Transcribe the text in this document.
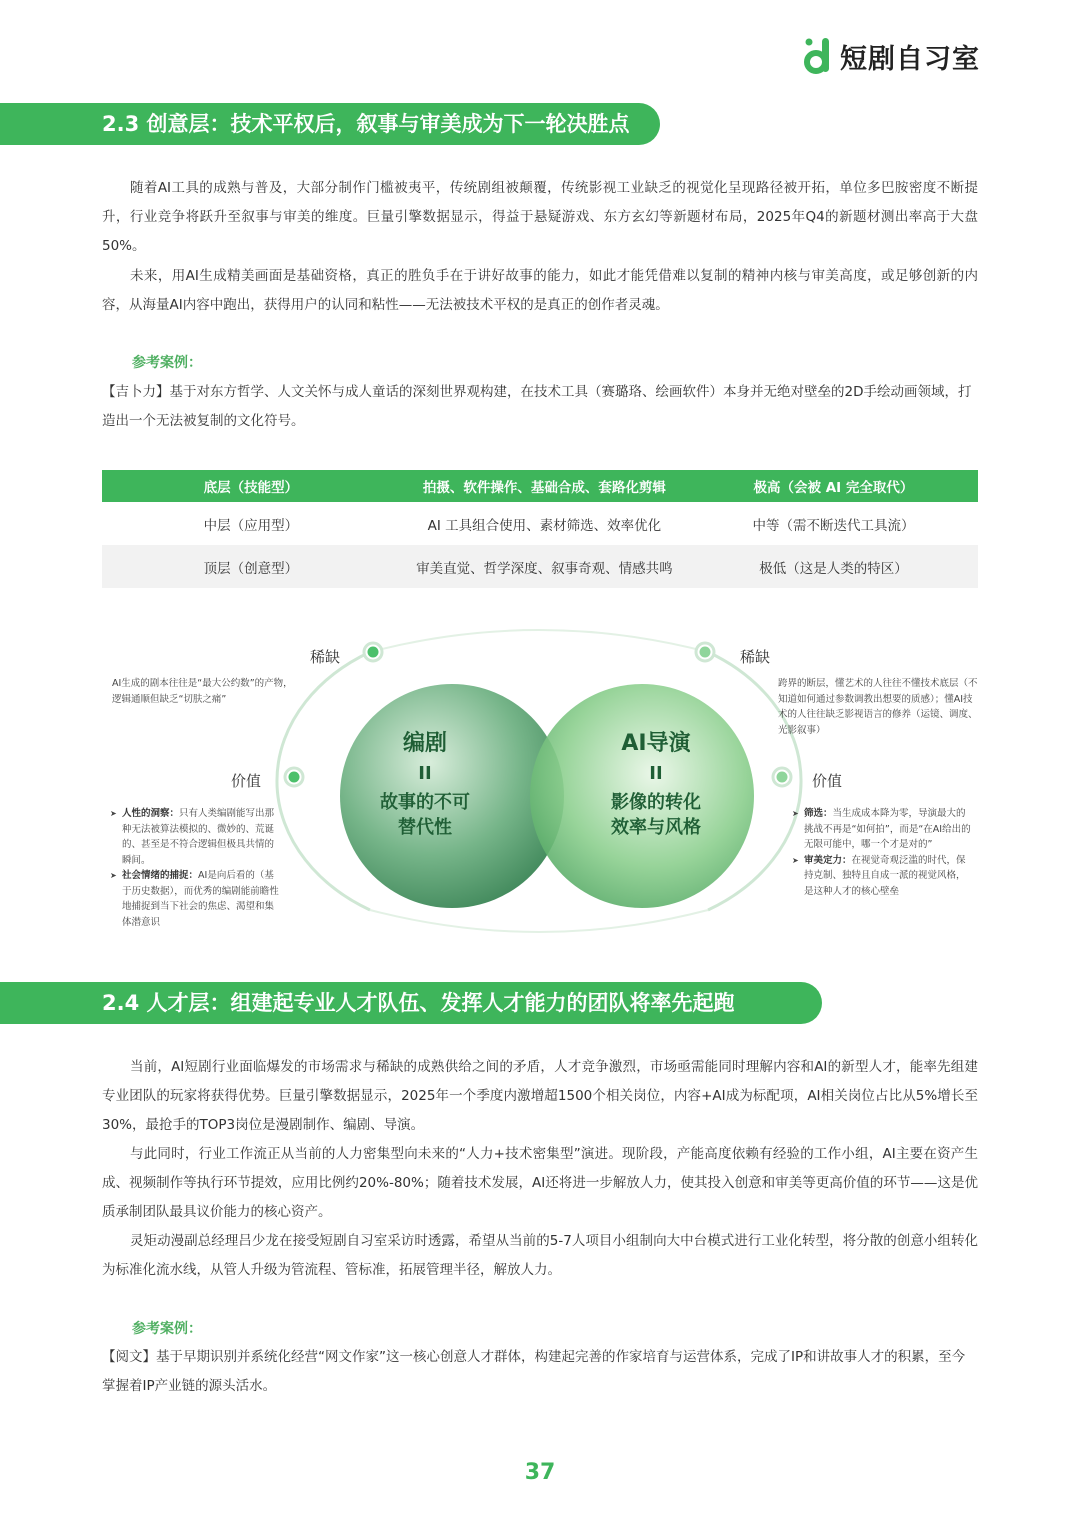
短剧自习室
2.3 创意层：技术平权后，叙事与审美成为下一轮决胜点
随着AI工具的成熟与普及，大部分制作门槛被夷平，传统剧组被颠覆，传统影视工业缺乏的视觉化呈现路径被开拓，单位多巴胺密度不断提升，行业竞争将跃升至叙事与审美的维度。巨量引擎数据显示，得益于悬疑游戏、东方玄幻等新题材布局，2025年Q4的新题材测出率高于大盘50%。
未来，用AI生成精美画面是基础资格，真正的胜负手在于讲好故事的能力，如此才能凭借难以复制的精神内核与审美高度，或足够创新的内容，从海量AI内容中跑出，获得用户的认同和粘性——无法被技术平权的是真正的创作者灵魂。
参考案例：
【吉卜力】基于对东方哲学、人文关怀与成人童话的深刻世界观构建，在技术工具（赛璐珞、绘画软件）本身并无绝对壁垒的2D手绘动画领域，打造出一个无法被复制的文化符号。
底层（技能型）	拍摄、软件操作、基础合成、套路化剪辑	极高（会被 AI 完全取代）
中层（应用型）	AI 工具组合使用、素材筛选、效率优化	中等（需不断迭代工具流）
顶层（创意型）	审美直觉、哲学深度、叙事奇观、情感共鸣	极低（这是人类的特区）
编剧
II
故事的不可替代性
AI导演
II
影像的转化效率与风格
稀缺
AI生成的剧本往往是“最大公约数”的产物，逻辑通顺但缺乏“切肤之痛”
价值
➤ 人性的洞察：只有人类编剧能写出那种无法被算法模拟的、微妙的、荒诞的、甚至是不符合逻辑但极具共情的瞬间。
➤ 社会情绪的捕捉：AI是向后看的（基于历史数据），而优秀的编剧能前瞻性地捕捉到当下社会的焦虑、渴望和集体潜意识
稀缺
跨界的断层，懂艺术的人往往不懂技术底层（不知道如何通过参数调教出想要的质感）；懂AI技术的人往往缺乏影视语言的修养（运镜、调度、光影叙事）
价值
➤ 筛选：当生成成本降为零，导演最大的挑战不再是“如何拍”，而是“在AI给出的无限可能中，哪一个才是对的”
➤ 审美定力：在视觉奇观泛滥的时代，保持克制、独特且自成一派的视觉风格，是这种人才的核心壁垒
2.4 人才层：组建起专业人才队伍、发挥人才能力的团队将率先起跑
当前，AI短剧行业面临爆发的市场需求与稀缺的成熟供给之间的矛盾，人才竞争激烈，市场亟需能同时理解内容和AI的新型人才，能率先组建专业团队的玩家将获得优势。巨量引擎数据显示，2025年一个季度内激增超1500个相关岗位，内容+AI成为标配项，AI相关岗位占比从5%增长至30%，最抢手的TOP3岗位是漫剧制作、编剧、导演。
与此同时，行业工作流正从当前的人力密集型向未来的“人力+技术密集型”演进。现阶段，产能高度依赖有经验的工作小组，AI主要在资产生成、视频制作等执行环节提效，应用比例约20%-80%；随着技术发展，AI还将进一步解放人力，使其投入创意和审美等更高价值的环节——这是优质承制团队最具议价能力的核心资产。
灵矩动漫副总经理吕少龙在接受短剧自习室采访时透露，希望从当前的5-7人项目小组制向大中台模式进行工业化转型，将分散的创意小组转化为标准化流水线，从管人升级为管流程、管标准，拓展管理半径，解放人力。
参考案例：
【阅文】基于早期识别并系统化经营“网文作家”这一核心创意人才群体，构建起完善的作家培育与运营体系，完成了IP和讲故事人才的积累，至今掌握着IP产业链的源头活水。
37
